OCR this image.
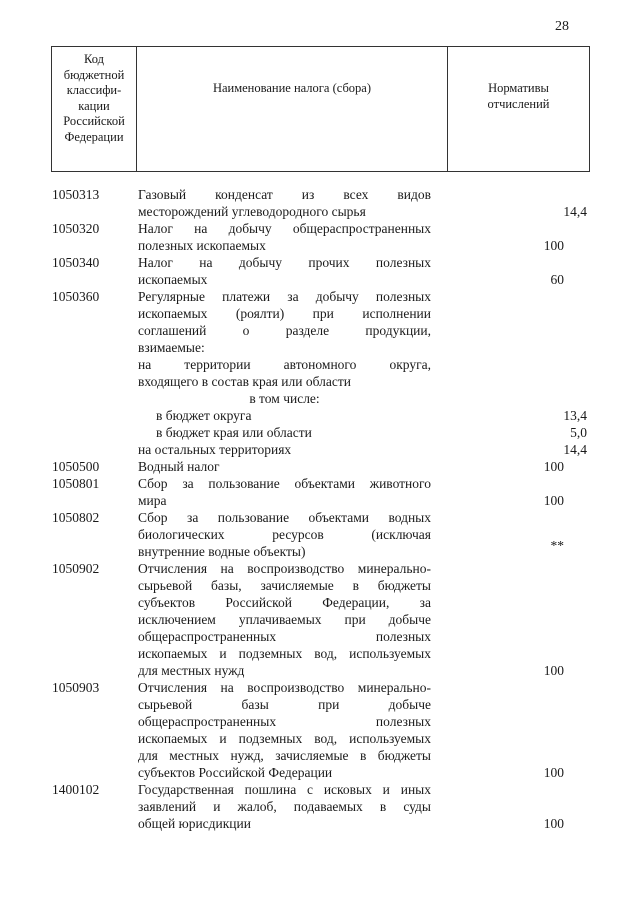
28
Код
бюджетной
классифи-
кации
Российской
Федерации

Наименование налога (сбора)	Нормативы
отчислений
1050313	Газовый конденсат из всех видов
месторождений углеводородного сырья	14,4
1050320	Налог на добычу общераспространенных
полезных ископаемых	100
1050340	Налог на добычу прочих полезных
ископаемых	60
1050360	Регулярные платежи за добычу полезных
ископаемых (роялти) при исполнении
соглашений о разделе продукции,
взимаемые:
на территории автономного округа,
входящего в состав края или области
в том числе:
в бюджет округа	13,4
в бюджет края или области	5,0
на остальных территориях	14,4
1050500	Водный налог	100
1050801	Сбор за пользование объектами животного
мира	100
1050802	Сбор за пользование объектами водных
биологических ресурсов (исключая
внутренние водные объекты)	**
1050902	Отчисления на воспроизводство минерально-
сырьевой базы, зачисляемые в бюджеты
субъектов Российской Федерации, за
исключением уплачиваемых при добыче
общераспространенных полезных
ископаемых и подземных вод, используемых
для местных нужд	100
1050903	Отчисления на воспроизводство минерально-
сырьевой базы при добыче
общераспространенных полезных
ископаемых и подземных вод, используемых
для местных нужд, зачисляемые в бюджеты
субъектов Российской Федерации	100
1400102	Государственная пошлина с исковых и иных
заявлений и жалоб, подаваемых в суды
общей юрисдикции	100
